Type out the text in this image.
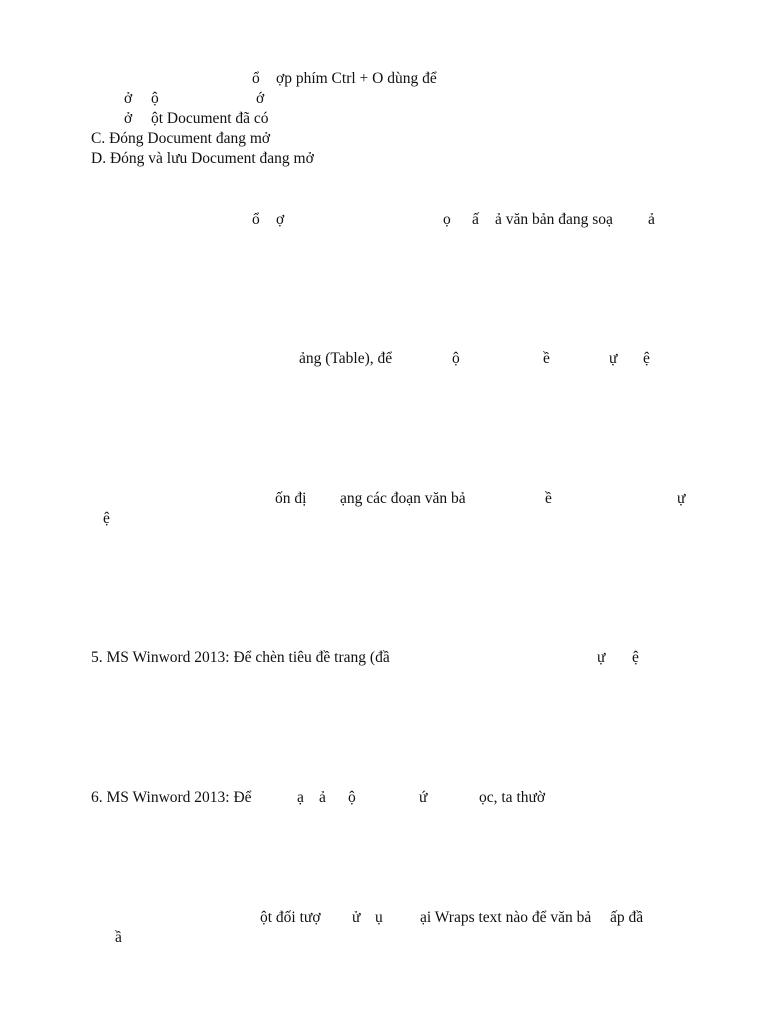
ổ ợp phím Ctrl + O dùng để
ở ộ	ớ
ở ột Document đã có
C. Đóng Document đang mở
D. Đóng và lưu Document đang mở
ổ ợ	ọ ấ ả văn bản đang soạ ả
ảng (Table), để	ộ	ề	ự ệ
ốn đị ạng các đoạn văn bả	ề	ự
ệ
5. MS Winword 2013: Để chèn tiêu đề trang (đầ	ự ệ
6. MS Winword 2013: Để	ạ ả ộ	ứ	ọc, ta thườ
ột đối tượ ử ụ ại Wraps text nào để văn bả ấp đầ
ầ
